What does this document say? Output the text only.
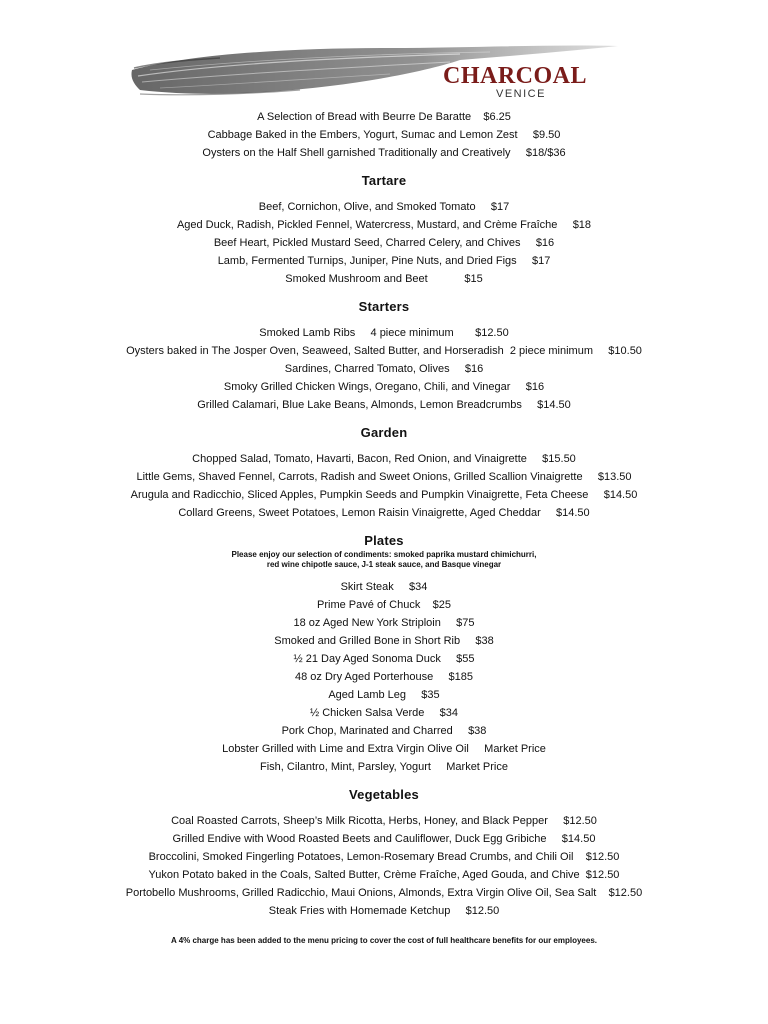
CHARCOAL
VENICE
A Selection of Bread with Beurre De Baratte $6.25
Cabbage Baked in the Embers, Yogurt, Sumac and Lemon Zest $9.50
Oysters on the Half Shell garnished Traditionally and Creatively $18/$36
Tartare
Beef, Cornichon, Olive, and Smoked Tomato $17
Aged Duck, Radish, Pickled Fennel, Watercress, Mustard, and Crème Fraîche $18
Beef Heart, Pickled Mustard Seed, Charred Celery, and Chives $16
Lamb, Fermented Turnips, Juniper, Pine Nuts, and Dried Figs $17
Smoked Mushroom and Beet	$15
Starters
Smoked Lamb Ribs     4 piece minimum $12.50
Oysters baked in The Josper Oven, Seaweed, Salted Butter, and Horseradish  2 piece minimum $10.50
Sardines, Charred Tomato, Olives $16
Smoky Grilled Chicken Wings, Oregano, Chili, and Vinegar $16
Grilled Calamari, Blue Lake Beans, Almonds, Lemon Breadcrumbs $14.50
Garden
Chopped Salad, Tomato, Havarti, Bacon, Red Onion, and Vinaigrette $15.50
Little Gems, Shaved Fennel, Carrots, Radish and Sweet Onions, Grilled Scallion Vinaigrette $13.50
Arugula and Radicchio, Sliced Apples, Pumpkin Seeds and Pumpkin Vinaigrette, Feta Cheese $14.50
Collard Greens, Sweet Potatoes, Lemon Raisin Vinaigrette, Aged Cheddar $14.50
Plates
Please enjoy our selection of condiments: smoked paprika mustard chimichurri,
red wine chipotle sauce, J-1 steak sauce, and Basque vinegar
Skirt Steak $34
Prime Pavé of Chuck $25
18 oz Aged New York Striploin $75
Smoked and Grilled Bone in Short Rib $38
½ 21 Day Aged Sonoma Duck $55
48 oz Dry Aged Porterhouse $185
Aged Lamb Leg $35
½ Chicken Salsa Verde $34
Pork Chop, Marinated and Charred $38
Lobster Grilled with Lime and Extra Virgin Olive Oil Market Price
Fish, Cilantro, Mint, Parsley, Yogurt Market Price
Vegetables
Coal Roasted Carrots, Sheep’s Milk Ricotta, Herbs, Honey, and Black Pepper $12.50
Grilled Endive with Wood Roasted Beets and Cauliflower, Duck Egg Gribiche $14.50
Broccolini, Smoked Fingerling Potatoes, Lemon-Rosemary Bread Crumbs, and Chili Oil $12.50
Yukon Potato baked in the Coals, Salted Butter, Crème Fraîche, Aged Gouda, and Chive $12.50
Portobello Mushrooms, Grilled Radicchio, Maui Onions, Almonds, Extra Virgin Olive Oil, Sea Salt $12.50
Steak Fries with Homemade Ketchup $12.50
A 4% charge has been added to the menu pricing to cover the cost of full healthcare benefits for our employees.
